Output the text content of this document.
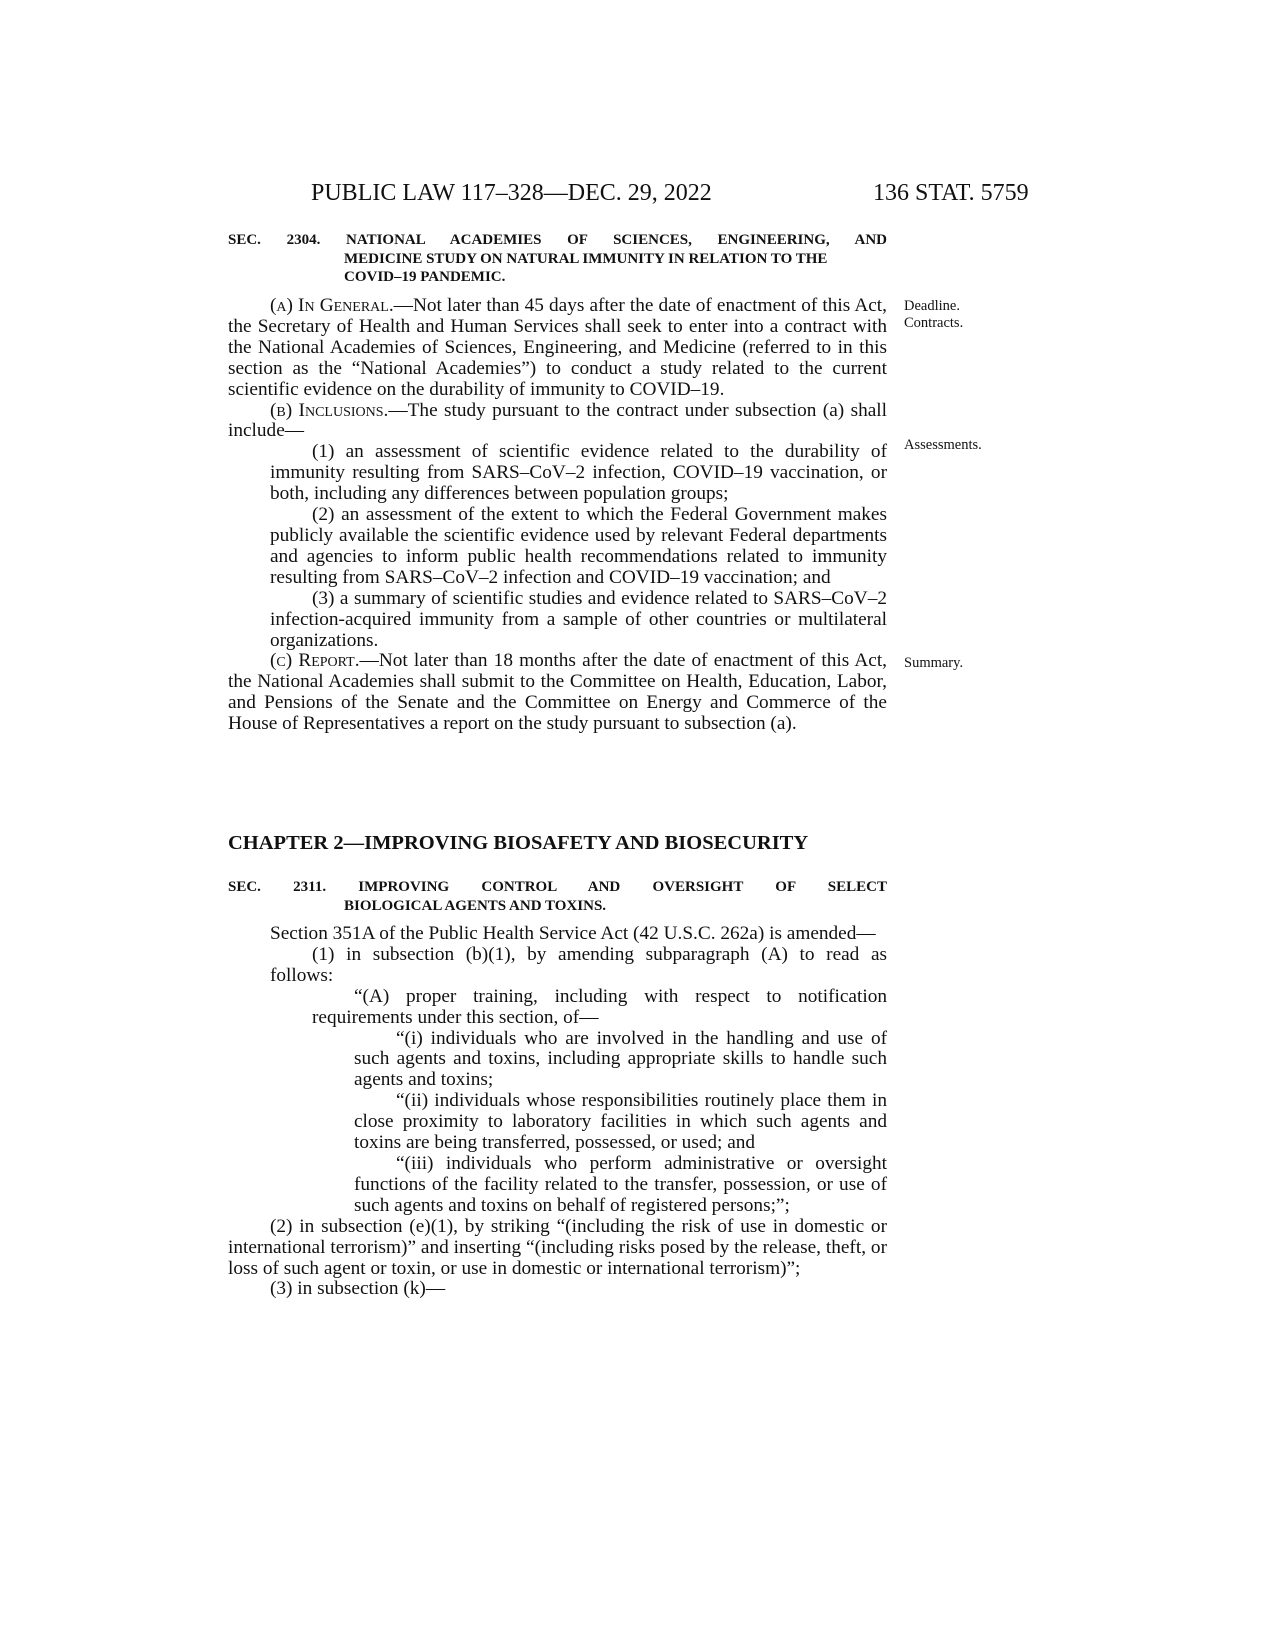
PUBLIC LAW 117–328—DEC. 29, 2022	136 STAT. 5759
SEC. 2304. NATIONAL ACADEMIES OF SCIENCES, ENGINEERING, AND
MEDICINE STUDY ON NATURAL IMMUNITY IN RELATION TO THE COVID–19 PANDEMIC.

(a) In General.—Not later than 45 days after the date of enactment of this Act, the Secretary of Health and Human Services shall seek to enter into a contract with the National Academies of Sciences, Engineering, and Medicine (referred to in this section as the “National Academies”) to conduct a study related to the current scientific evidence on the durability of immunity to COVID–19.

(b) Inclusions.—The study pursuant to the contract under subsection (a) shall include—

(1) an assessment of scientific evidence related to the durability of immunity resulting from SARS–CoV–2 infection, COVID–19 vaccination, or both, including any differences between population groups;

(2) an assessment of the extent to which the Federal Government makes publicly available the scientific evidence used by relevant Federal departments and agencies to inform public health recommendations related to immunity resulting from SARS–CoV–2 infection and COVID–19 vaccination; and

(3) a summary of scientific studies and evidence related to SARS–CoV–2 infection-acquired immunity from a sample of other countries or multilateral organizations.

(c) Report.—Not later than 18 months after the date of enactment of this Act, the National Academies shall submit to the Committee on Health, Education, Labor, and Pensions of the Senate and the Committee on Energy and Commerce of the House of Representatives a report on the study pursuant to subsection (a).

CHAPTER 2—IMPROVING BIOSAFETY AND BIOSECURITY
SEC. 2311. IMPROVING CONTROL AND OVERSIGHT OF SELECT
BIOLOGICAL AGENTS AND TOXINS.

Section 351A of the Public Health Service Act (42 U.S.C. 262a) is amended—

(1) in subsection (b)(1), by amending subparagraph (A) to read as follows:

“(A) proper training, including with respect to notification requirements under this section, of—

“(i) individuals who are involved in the handling and use of such agents and toxins, including appropriate skills to handle such agents and toxins;

“(ii) individuals whose responsibilities routinely place them in close proximity to laboratory facilities in which such agents and toxins are being transferred, possessed, or used; and

“(iii) individuals who perform administrative or oversight functions of the facility related to the transfer, possession, or use of such agents and toxins on behalf of registered persons;”;

(2) in subsection (e)(1), by striking “(including the risk of use in domestic or international terrorism)” and inserting “(including risks posed by the release, theft, or loss of such agent or toxin, or use in domestic or international terrorism)”;

(3) in subsection (k)—

Deadline.
Contracts.
Assessments.
Summary.
